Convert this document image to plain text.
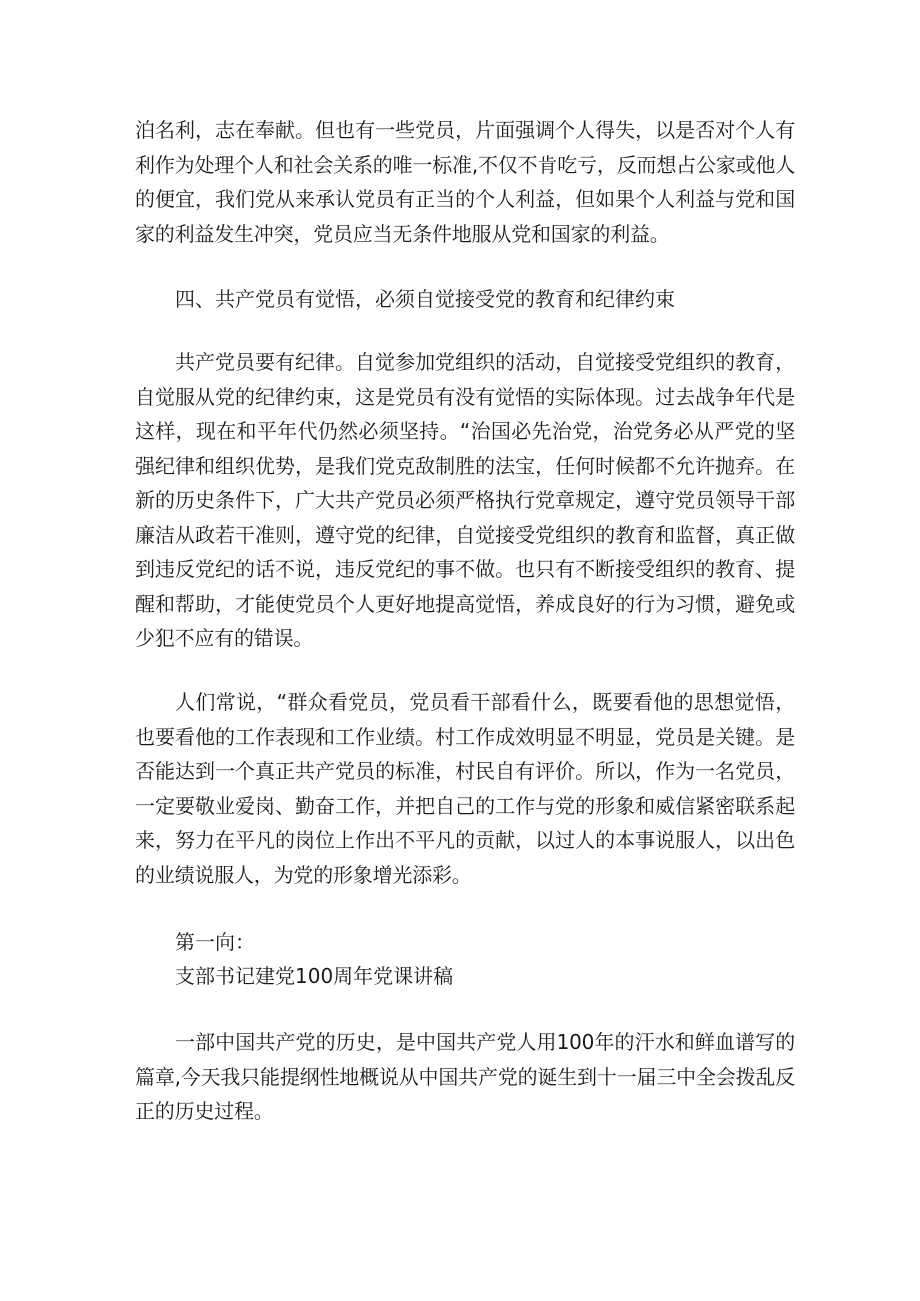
泊名利，志在奉献。但也有一些党员，片面强调个人得失，以是否对个人有利作为处理个人和社会关系的唯一标准,不仅不肯吃亏，反而想占公家或他人的便宜，我们党从来承认党员有正当的个人利益，但如果个人利益与党和国家的利益发生冲突，党员应当无条件地服从党和国家的利益。

四、共产党员有觉悟，必须自觉接受党的教育和纪律约束

共产党员要有纪律。自觉参加党组织的活动，自觉接受党组织的教育，自觉服从党的纪律约束，这是党员有没有觉悟的实际体现。过去战争年代是这样，现在和平年代仍然必须坚持。“治国必先治党，治党务必从严党的坚强纪律和组织优势，是我们党克敌制胜的法宝，任何时候都不允许抛弃。在新的历史条件下，广大共产党员必须严格执行党章规定，遵守党员领导干部廉洁从政若干准则，遵守党的纪律，自觉接受党组织的教育和监督，真正做到违反党纪的话不说，违反党纪的事不做。也只有不断接受组织的教育、提醒和帮助，才能使党员个人更好地提高觉悟，养成良好的行为习惯，避免或少犯不应有的错误。

人们常说，“群众看党员，党员看干部看什么，既要看他的思想觉悟，也要看他的工作表现和工作业绩。村工作成效明显不明显，党员是关键。是否能达到一个真正共产党员的标准，村民自有评价。所以，作为一名党员，一定要敬业爱岗、勤奋工作，并把自己的工作与党的形象和威信紧密联系起来，努力在平凡的岗位上作出不平凡的贡献，以过人的本事说服人，以出色的业绩说服人，为党的形象增光添彩。

第一向：

支部书记建党100周年党课讲稿

一部中国共产党的历史，是中国共产党人用100年的汗水和鲜血谱写的篇章,今天我只能提纲性地概说从中国共产党的诞生到十一届三中全会拨乱反正的历史过程。
